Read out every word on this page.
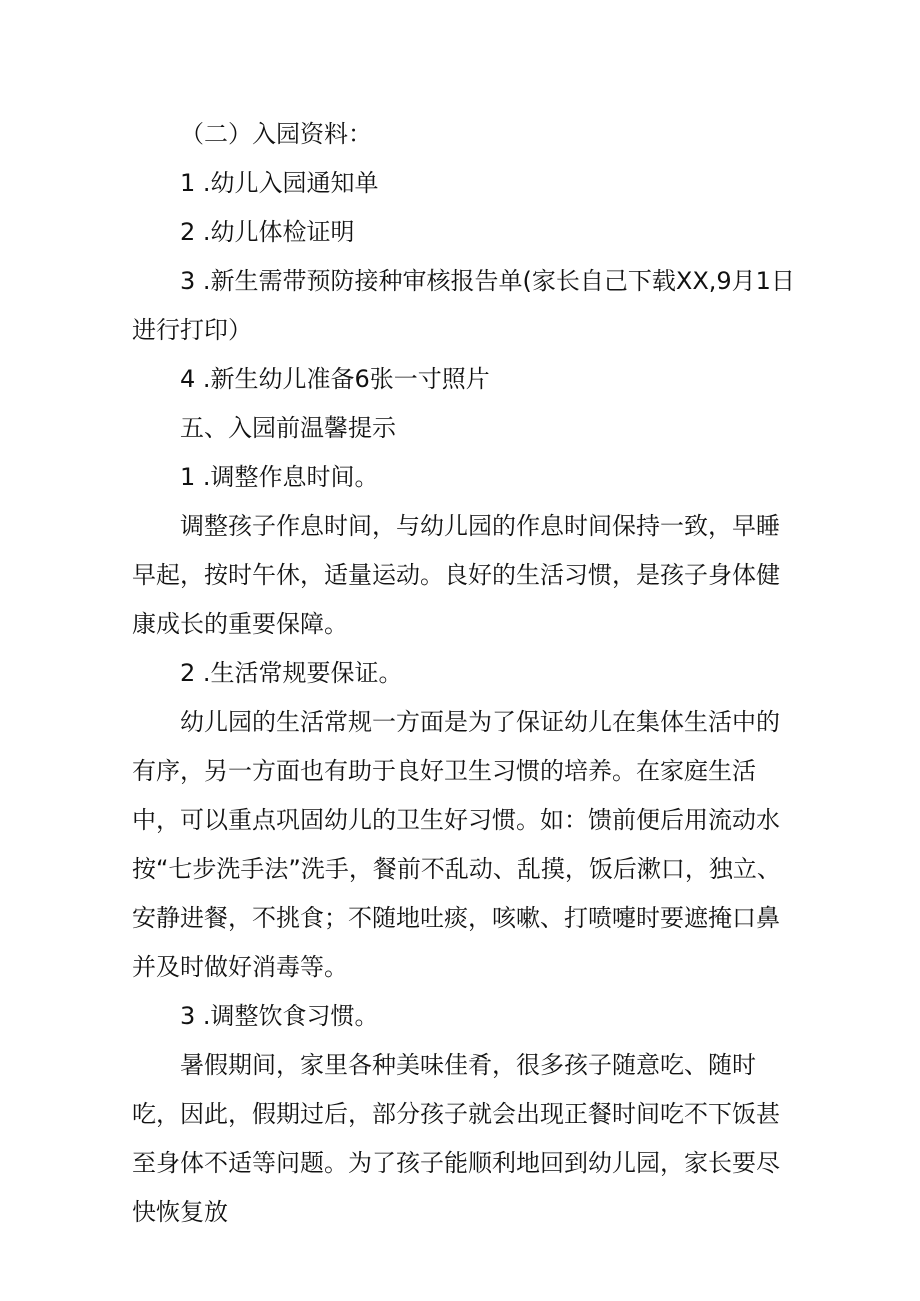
（二）入园资料：

1 .幼儿入园通知单

2 .幼儿体检证明

3 .新生需带预防接种审核报告单(家长自己下载XX,9月1日进行打印）

4 .新生幼儿准备6张一寸照片

五、入园前温馨提示

1 .调整作息时间。

调整孩子作息时间，与幼儿园的作息时间保持一致，早睡早起，按时午休，适量运动。良好的生活习惯，是孩子身体健康成长的重要保障。

2 .生活常规要保证。

幼儿园的生活常规一方面是为了保证幼儿在集体生活中的有序，另一方面也有助于良好卫生习惯的培养。在家庭生活中，可以重点巩固幼儿的卫生好习惯。如：馈前便后用流动水按“七步洗手法”洗手，餐前不乱动、乱摸，饭后漱口，独立、安静进餐，不挑食；不随地吐痰，咳嗽、打喷嚏时要遮掩口鼻并及时做好消毒等。

3 .调整饮食习惯。

暑假期间，家里各种美味佳肴，很多孩子随意吃、随时吃，因此，假期过后，部分孩子就会出现正餐时间吃不下饭甚至身体不适等问题。为了孩子能顺利地回到幼儿园，家长要尽快恢复放
